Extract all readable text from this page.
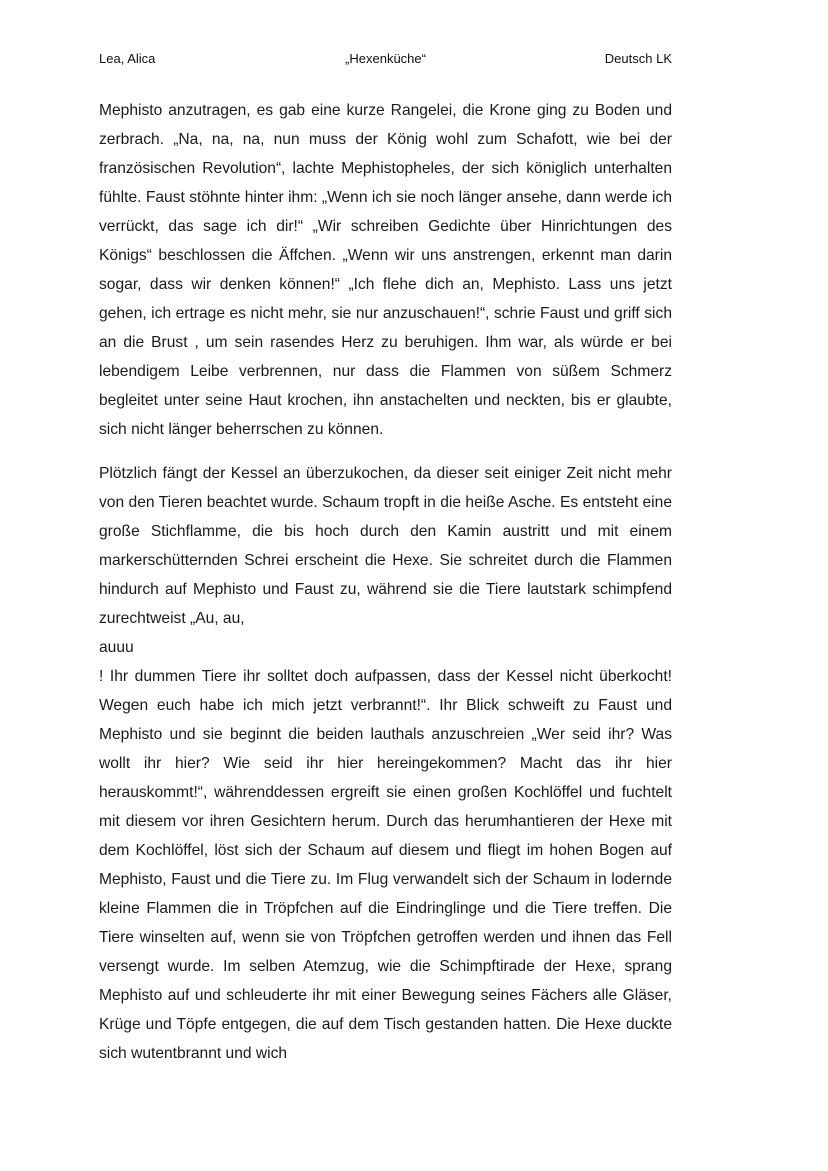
Lea, Alica	„Hexenküche“	Deutsch LK

Mephisto anzutragen, es gab eine kurze Rangelei, die Krone ging zu Boden und zerbrach. „Na, na, na, nun muss der König wohl zum Schafott, wie bei der französischen Revolution“, lachte Mephistopheles, der sich königlich unterhalten fühlte. Faust stöhnte hinter ihm: „Wenn ich sie noch länger ansehe, dann werde ich verrückt, das sage ich dir!“ „Wir schreiben Gedichte über Hinrichtungen des Königs“ beschlossen die Äffchen. „Wenn wir uns anstrengen, erkennt man darin sogar, dass wir denken können!“ „Ich flehe dich an, Mephisto. Lass uns jetzt gehen, ich ertrage es nicht mehr, sie nur anzuschauen!“, schrie Faust und griff sich an die Brust , um sein rasendes Herz zu beruhigen. Ihm war, als würde er bei lebendigem Leibe verbrennen, nur dass die Flammen von süßem Schmerz begleitet unter seine Haut krochen, ihn anstachelten und neckten, bis er glaubte, sich nicht länger beherrschen zu können.

Plötzlich fängt der Kessel an überzukochen, da dieser seit einiger Zeit nicht mehr von den Tieren beachtet wurde. Schaum tropft in die heiße Asche. Es entsteht eine große Stichflamme, die bis hoch durch den Kamin austritt und mit einem markerschütternden Schrei erscheint die Hexe. Sie schreitet durch die Flammen hindurch auf Mephisto und Faust zu, während sie die Tiere lautstark schimpfend zurechtweist „Au, au,

auuu

! Ihr dummen Tiere ihr solltet doch aufpassen, dass der Kessel nicht überkocht! Wegen euch habe ich mich jetzt verbrannt!“. Ihr Blick schweift zu Faust und Mephisto und sie beginnt die beiden lauthals anzuschreien „Wer seid ihr? Was wollt ihr hier? Wie seid ihr hier hereingekommen? Macht das ihr hier herauskommt!“, währenddessen ergreift sie einen großen Kochlöffel und fuchtelt mit diesem vor ihren Gesichtern herum. Durch das herumhantieren der Hexe mit dem Kochlöffel, löst sich der Schaum auf diesem und fliegt im hohen Bogen auf Mephisto, Faust und die Tiere zu. Im Flug verwandelt sich der Schaum in lodernde kleine Flammen die in Tröpfchen auf die Eindringlinge und die Tiere treffen. Die Tiere winselten auf, wenn sie von Tröpfchen getroffen werden und ihnen das Fell versengt wurde. Im selben Atemzug, wie die Schimpftirade der Hexe, sprang Mephisto auf und schleuderte ihr mit einer Bewegung seines Fächers alle Gläser, Krüge und Töpfe entgegen, die auf dem Tisch gestanden hatten. Die Hexe duckte sich wutentbrannt und wich
